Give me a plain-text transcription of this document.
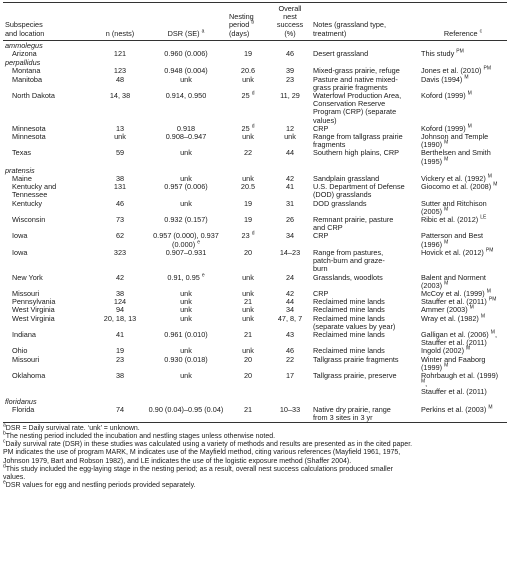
Subspecies
and location	n (nests)	DSR (SE) $^a$	Nesting
period $^b$
(days)	Overall
nest
success
(%)	Notes (grassland type,
treatment)	Reference $^c$
ammolegus						
Arizona	121	0.960 (0.006)	19	46	Desert grassland	This study $^{PM}$
perpallidus						
Montana	123	0.948 (0.004)	20.6	39	Mixed-grass prairie, refuge	Jones et al. (2010) $^{PM}$
Manitoba	48	unk	unk	23	Pasture and native mixed-
grass prairie fragments	Davis (1994) $^M$
North Dakota	14, 38	0.914, 0.950	25 $^d$	11, 29	Waterfowl Production Area,
Conservation Reserve
Program (CRP) (separate
values)	Koford (1999) $^M$
Minnesota	13	0.918	25 $^d$	12	CRP	Koford (1999) $^M$
Minnesota	unk	0.908–0.947	unk	unk	Range from tallgrass prairie
fragments	Johnson and Temple
(1990) $^M$
Texas	59	unk	22	44	Southern high plains, CRP	Berthelsen and Smith
(1995) $^M$
pratensis						
Maine	38	unk	unk	42	Sandplain grassland	Vickery et al. (1992) $^M$
Kentucky and
Tennessee	131	0.957 (0.006)	20.5	41	U.S. Department of Defense
(DOD) grasslands	Giocomo et al. (2008) $^M$
Kentucky	46	unk	19	31	DOD grasslands	Sutter and Ritchison
(2005) $^M$
Wisconsin	73	0.932 (0.157)	19	26	Remnant prairie, pasture
and CRP	Ribic et al. (2012) $^{LE}$
Iowa	62	0.957 (0.000), 0.937 (0.000) $^e$	23 $^d$	34	CRP	Patterson and Best (1996) $^M$
Iowa	323	0.907–0.931	20	14–23	Range from pastures,
patch-burn and graze-
burn	Hovick et al. (2012) $^{PM}$
New York	42	0.91, 0.95 $^e$	unk	24	Grasslands, woodlots	Balent and Norment
(2003) $^M$
Missouri	38	unk	unk	42	CRP	McCoy et al. (1999) $^M$
Pennsylvania	124	unk	21	44	Reclaimed mine lands	Stauffer et al. (2011) $^{PM}$
West Virginia	94	unk	unk	34	Reclaimed mine lands	Ammer (2003) $^M$
West Virginia	20, 18, 13	unk	unk	47, 8, 7	Reclaimed mine lands
(separate values by year)	Wray et al. (1982) $^M$
Indiana	41	0.961 (0.010)	21	43	Reclaimed mine lands	Galligan et al. (2006) $^M$,
Stauffer et al. (2011)
Ohio	19	unk	unk	46	Reclaimed mine lands	Ingold (2002) $^M$
Missouri	23	0.930 (0.018)	20	22	Tallgrass prairie fragments	Winter and Faaborg
(1999) $^M$
Oklahoma	38	unk	20	17	Tallgrass prairie, preserve	Rohrbaugh et al. (1999) $^M$,
Stauffer et al. (2011)
floridanus						
Florida	74	0.90 (0.04)–0.95 (0.04)	21	10–33	Native dry prairie, range
from 3 sites in 3 yr	Perkins et al. (2003) $^M$
$^a$DSR = Daily survival rate. ‘unk’ = unknown.
$^b$The nesting period included the incubation and nestling stages unless otherwise noted.
$^c$Daily survival rate (DSR) in these studies was calculated using a variety of methods and results are presented as in the cited paper.
PM indicates the use of program MARK, M indicates use of the Mayfield method, citing various references (Mayfield 1961, 1975,
Johnson 1979, Bart and Robson 1982), and LE indicates the use of the logistic exposure method (Shaffer 2004).
$^d$This study included the egg-laying stage in the nesting period; as a result, overall nest success calculations produced smaller
values.
$^e$DSR values for egg and nestling periods provided separately.
